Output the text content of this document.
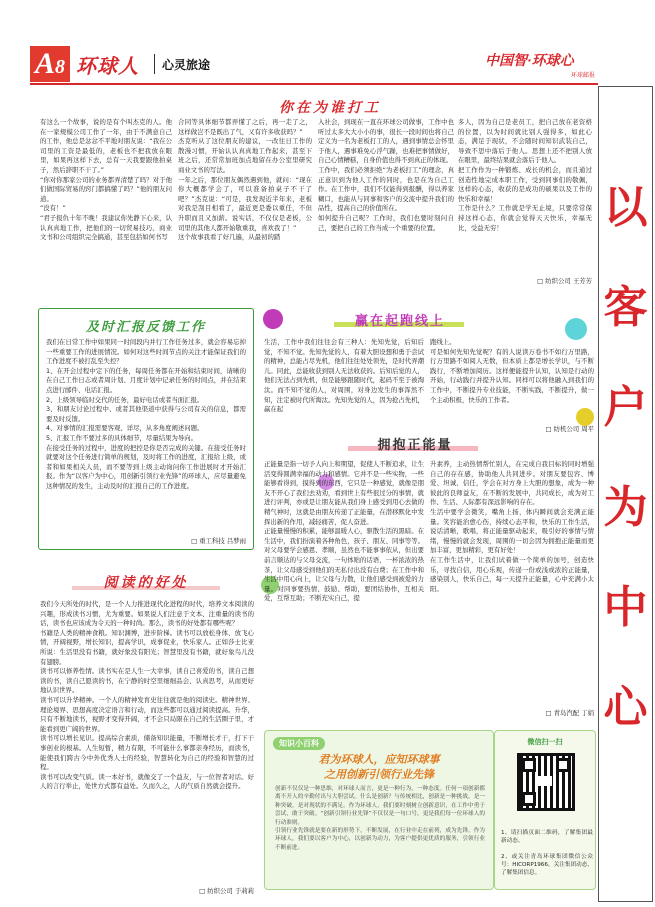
A8 环球人 心灵旅途	中国智·环球心
环球邮报
以
客
户
为
中
心
你在为谁打工
有这么一个故事，说的是有个叫杰克的人。他在一家规模公司工作了一年，由于不满意自己的工作，他总是忿忿不平地对朋友说：“我在公司里的工资是最低的，老板也不把我放在眼里，如果再这样下去，总有一天我要跟他拍桌子，然后辞职不干了。”
“你对你那家公司的业务都弄清楚了吗？对于他们做国际贸易的窍门都搞懂了吗？”他的朋友问道。
“没有！”
“君子报仇十年不晚！我建议你先静下心来，认认真真地工作，把他们的一切贸易技巧、商业文书和公司组织完全搞通，甚至包括如何书写
合同等具体细节都弄懂了之后，再一走了之，这样做岂不是既出了气，又有许多收获吗？”
杰克听从了这位朋友的建议，一改往日工作的散漫习惯，开始认认真真地工作起来，甚至下班之后，还常常加班加点地留在办公室里研究商业文书的写法。
一年之后，那位朋友偶然遇到他，就问：“现在你大概都学会了，可以准备拍桌子不干了吧？”杰克说：“可是，我发现近半年来，老板对我是刮目相看了，最近更是委以重任，不但升职而且又加薪。说实话，不仅仅是老板，公司里的其他人都开始敬重我，喜欢我了！”
这个故事我看了好几遍，从最初的踏
入社会，到现在一直在环球公司做事，工作中也听过太多大大小小的事，很长一段时间也将自己定义为一名为老板打工的人，遇到事情总会怀里于他人，遇事难免心浮气躁，也难把事情做好，自己心情糟糕，自身价值也得不到真正的体现。
工作中，我们必须拒绝“为老板打工”的理念，真正意识到为他人工作的同时，也是在为自己工作。在工作中，我们不仅能得到报酬，得以养家糊口，也能从与同事和客户的交流中提升我们的品性，提高自己的价值所在。
如何提升自己呢？工作时，我们也要时刻问自己，要把自己的工作当成一个重要的位置。
多人，因为自己是老员工，把自己放在老资格的位置，以为时间就比别人强得多，如此心态，满足于现状，不会随时间知识武装自己，导致不思中落后于他人。思想上还不把别人放在眼里，最终结果就会落后于他人。
把工作作为一种锻炼、成长的机会，而且通过创造性地完成本职工作，受到同事们的敬佩，这样的心态，收获的是成功的硕果以及工作的快乐和幸福！
工作是什么？工作就是学无止境，只要常常保持这样心态，你就会觉得天天快乐，幸福无比，受益无穷！
□ 纺织公司 王芳芳
及时汇报反馈工作
我们在日常工作中如果同一时间段内并行工作任务过多，就会容易忘掉一些重要工作的进展情况。如何对这些时间节点的关注才能保证我们的工作进度不被打乱至失控？
1、在开会过程中定下的任务，每周任务都在开始和结束时间，请晰的在自己工作日志或者周计划、月度计划中记录任务的时间点，并在结束点进行邮件、电话汇报。
2、上级领导临时交代的任务，最好电话或者当面汇报。
3、和朋友讨论过程中、或者其他渠道中获得与公司有关的信息，都需要及时反馈。
4、对事情的汇报需要客观、详尽，从多角度阐述问题。
5、汇报工作不要过多的具体细节，尽量结果为导向。
在接受任务的过程中，进度的把控是你是否完成的关键。在接受任务时就要对这个任务进行简单的规划，及时将工作的进度，汇报给上级，或者和如果相关人员，而不要等到上级主动询问你工作进展时才开始汇报。作为“以客户为中心，用创新引领行业先锋”的环球人，应尽量避免这种情况的发生，主动及时的汇报自己的工作进度。
□ 重工科技 吕梦雨
阅读的好处
我们今天所处的时代，是一个人力推进现代化进程的时代，培养文本阅读的兴趣，形成读书习惯，尤为重要。如果说人们注意于文本、注重量的读书的话，读书也应该成为令天的一种时尚。那么，读书的好处都有哪些呢？
书籍是人类的精神食粮。知识渊博，进步阶梯。读书可以放松身体、放飞心情，开阔视野，增长知识，提高学识，成事促业，快乐家人。正如莎士比亚所说：生活里没有书籍，就好象没有阳光；智慧里没有书籍，就好象鸟儿没有翅膀。
读书可以修养性情。读书实在是人生一大幸事，读自己喜爱的书，读自己想读的书，读自己愿读的书，在宁静的时空里细细品会、认真思考，从而更好地认识世界。
读书可以升华精神。一个人的精神发育史往往就是他的阅读史。精神世界、理论境界、思想高度决定语言和行动，而这些都可以通过阅读提高。升华，只有不断地读书，视野才变得开阔，才不会只局限在自己的生活圈子里，才能看到更广阔的世界。
读书可以增长见识。提高综合素质，储备知识能量，不断增长才干，打下干事创业的根基。人生短暂，精力有限，不可能什么事都亲身经历，而读书，能使我们跨古今中外优秀人士的经验，智慧转化为自己的经验和智慧的过程。
读书可以改变气质。读一本好书，就像交了一个益友，与一位智者对话。好人的言行举止，处世方式都有益处。久而久之，人的气质自然就会提升。
□ 纺织公司 于莉莉
赢在起跑线上
生活，工作中我们往往会有三种人：先知先觉，后知后觉，不知不觉。先知先觉的人，有着大胆设想和勇于尝试的精神，总能占尽先机，他们往往处处领先，是时代弄潮儿。同此，总能收获到别人无法收获的。后知后觉的人，他们无法占到先机，但是能够跟随时代，起码不至于被淘汰。而不知不觉的人，对周围，对身边发生的事浑然不知，注定被时代所淘汰。先知先觉的人，因为抢占先机，赢在起
跑线上。
可是如何先知先觉呢？有的人说读万卷书不如行万里路，行万里路不如阅人无数，但本质上都是增长学识，与不断践行，不断增加阅历。这样便能提升认知，认知是行动的开始，行动践行并提升认知。同样可以将他融入到我们的工作中，不断提升专业技能，不断实践，不断提升，做一个主动积极，快乐的工作者。
□ 纺机公司 周平
拥抱正能量
正能量是指一切予人向上和期望，促使人不断追求，让生活变得圆满幸福的动力和感情。它并不是一些实物，一些能够看得到，摸得到的东西，它只是一种感觉，就像是朋友不开心了我们去劝劝，看到世上有些很过分的事情，就进行评判，亦或是让朋友能从我们身上感受到用心去做的精气神时，这就是由朋友传递了正能量，在潜移默化中发挥出新的作用，减轻痛苦，促人奋进。
正能量慢慢的积累，能够温暖人心，驱散生活的黑暗。在生活中，我们扮演着各种角色，孩子、朋友、同事等等。对父母要学会感恩、孝顺，虽然也不能事事依从，但出要前言顺达的与父母交流，一句体贴的话语，一杯浓浓的热茶，让父母感受到他们的无私付出没有白费；在工作中和生活中用心向上，让父母与力散，让他们感受到被爱的力量。对同事要热情、鼓励、帮助，要团结协作，互相关爱，互帮互助；不断充实自己，提
升素养，主动热情帮忙别人，在完成自我目标的同时增强自己的存在感，协助他人共同进步。对朋友要包容、博爱、坦诚、信任，学会在对方身上大胆的想象，成为一种彼此的良师益友，在不断的发展中，共同成长，成为对工作、生活、人际都有深远影响的存在。
生活中要学会微笑，嘴角上扬，体内瞬间就会充满正能量。笑容能治愈心伤，持续心态平和，快乐的工作生活，说话清晰，歌唱，将正能量驱动起来，吸引好的事情与情绪，慢慢的就会发现，周围的一切会因为拥抱正能量而更加丰富，更加精彩，更有好处！
在工作生活中，让我们试着做一个简单的加号，创造快乐，寻找自信，用心乐观，传递一份或浅或浓的正能量，感染别人，快乐自己，每一天提升正能量，心中充满小太阳。
□ 青岛汽配 丁娟
知识小百科
君为环球人，应知环球事
之用创新引领行业先锋
创新不仅仅是一种思维，对环球人而言，更是一种行为，一种态度。任何一项创新都离不开人的辛勤付出与大胆尝试。什么是创新？与传统相比，创新是一种挑战，是一种突破，是对现状的不满足。作为环球人，我们要时刻树立创新意识，在工作中勇于尝试，敢于突破。“创新引领行业先锋”不仅仅是一句口号，更是我们每一位环球人的行动准则。
引领行业先锋就是要在新的形势下，不断发展，在行业中走在前列，成为先锋。作为环球人，我们要以客户为中心，以创新为动力，为客户提供更优质的服务，引领行业不断前进。
微信扫一扫
1、请扫描页面二维码，了解集团最新动态。
2、或关注青岛环球集团微信公众号：HICORP1966，关注集团动态，了解集团信息。
